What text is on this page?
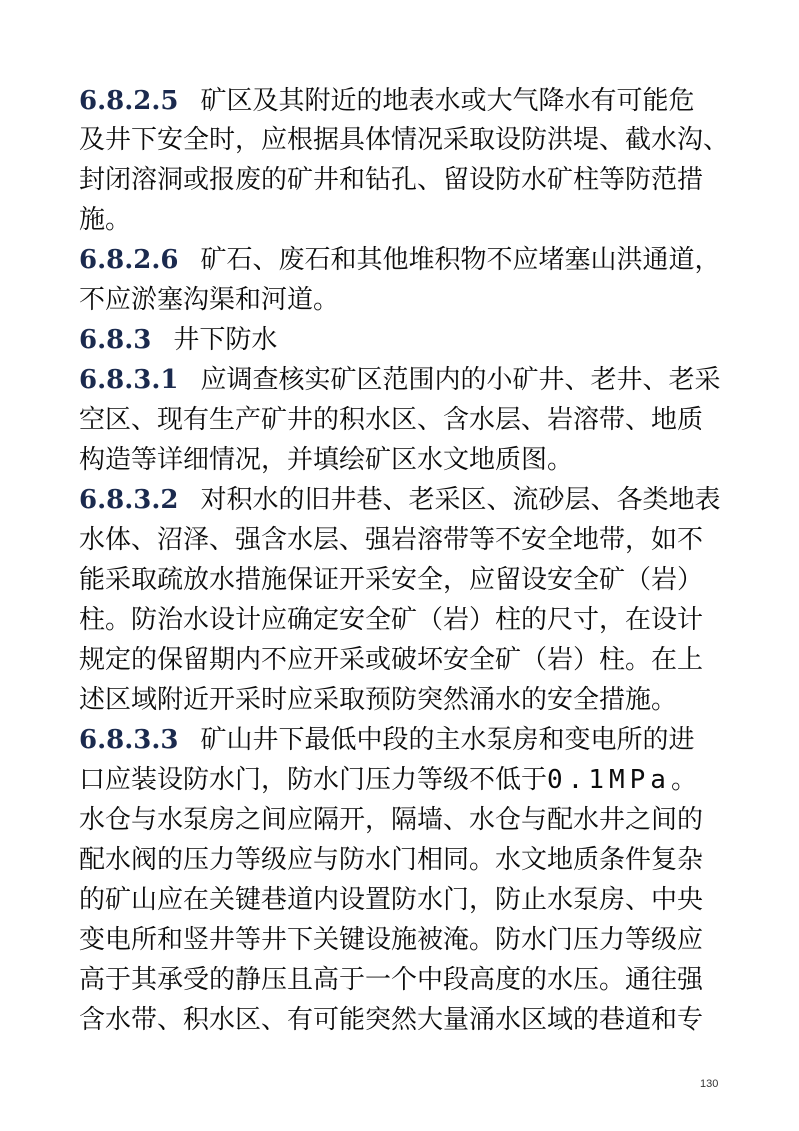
6.8.2.5 矿区及其附近的地表水或大气降水有可能危
及井下安全时，应根据具体情况采取设防洪堤、截水沟、
封闭溶洞或报废的矿井和钻孔、留设防水矿柱等防范措
施。
6.8.2.6 矿石、废石和其他堆积物不应堵塞山洪通道，
不应淤塞沟渠和河道。
6.8.3 井下防水
6.8.3.1 应调查核实矿区范围内的小矿井、老井、老采
空区、现有生产矿井的积水区、含水层、岩溶带、地质
构造等详细情况，并填绘矿区水文地质图。
6.8.3.2 对积水的旧井巷、老采区、流砂层、各类地表
水体、沼泽、强含水层、强岩溶带等不安全地带，如不
能采取疏放水措施保证开采安全，应留设安全矿（岩）
柱。防治水设计应确定安全矿（岩）柱的尺寸，在设计
规定的保留期内不应开采或破坏安全矿（岩）柱。在上
述区域附近开采时应采取预防突然涌水的安全措施。
6.8.3.3 矿山井下最低中段的主水泵房和变电所的进
口应装设防水门，防水门压力等级不低于0.1MPa。
水仓与水泵房之间应隔开，隔墙、水仓与配水井之间的
配水阀的压力等级应与防水门相同。水文地质条件复杂
的矿山应在关键巷道内设置防水门，防止水泵房、中央
变电所和竖井等井下关键设施被淹。防水门压力等级应
高于其承受的静压且高于一个中段高度的水压。通往强
含水带、积水区、有可能突然大量涌水区域的巷道和专
130
